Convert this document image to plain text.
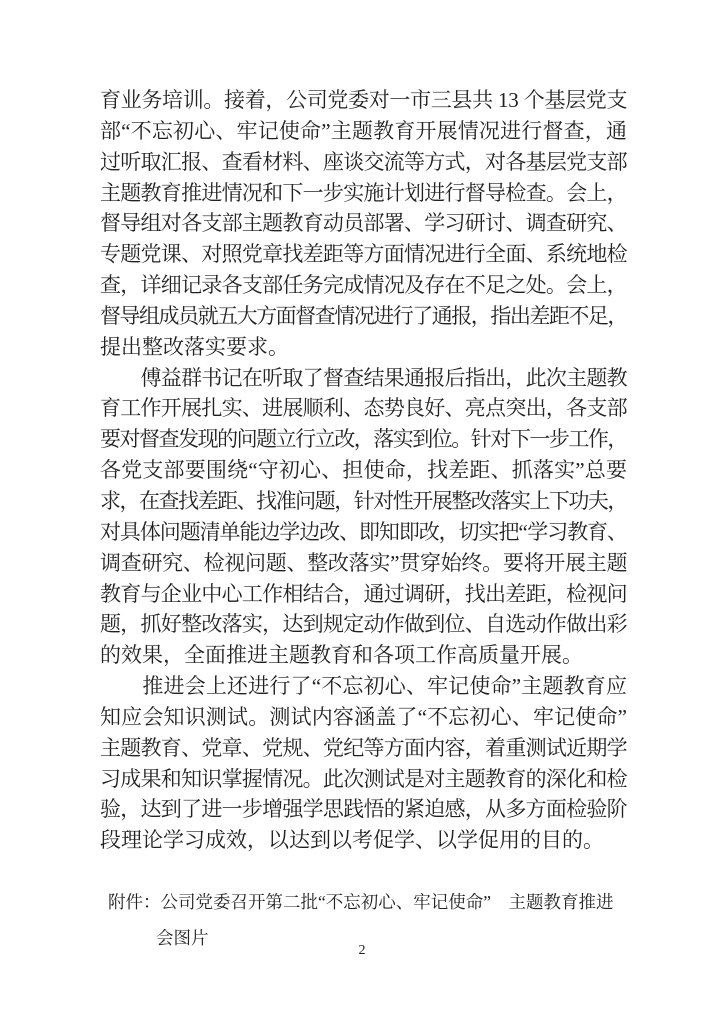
育 业 务 培 训 。 接 着 ， 公 司 党 委 对 一 市 三 县 共
1 3
个 基 层 党 支
部 “ 不 忘 初 心 、 牢 记 使 命 ” 主 题 教 育 开 展 情 况 进 行 督 查 ， 通
过 听 取 汇 报 、 查 看 材 料 、 座 谈 交 流 等 方 式 ， 对 各 基 层 党 支 部
主 题 教 育 推 进 情 况 和 下 一 步 实 施 计 划 进 行 督 导 检 查 。 会 上 ，
督 导 组 对 各 支 部 主 题 教 育 动 员 部 署 、 学 习 研 讨 、 调 查 研 究 、
专 题 党 课 、 对 照 党 章 找 差 距 等 方 面 情 况 进 行 全 面 、 系 统 地 检
查 ， 详 细 记 录 各 支 部 任 务 完 成 情 况 及 存 在 不 足 之 处 。 会 上 ，
督
导
组
成
员
就
五
大
方
面
督
查
情
况
进
行
了
通
报
，
指
出
差
距
不
足
，
提 出 整 改 落 实 要 求 。

傅 益 群 书 记 在 听 取 了 督 查 结 果 通 报 后 指 出 ， 此 次 主 题 教
育 工 作 开 展 扎 实 、 进 展 顺 利 、 态 势 良 好 、 亮 点 突 出 ， 各 支 部
要
对
督
查
发
现
的
问
题
立
行
立
改
，
落
实
到
位
。
针
对
下
一
步
工
作
，
各 党 支 部 要 围 绕 “ 守 初 心 、 担 使 命 ， 找 差 距 、 抓 落 实 ” 总 要
求
，
在
查
找
差
距
、
找
准
问
题
，
针
对
性
开
展
整
改
落
实
上
下
功
夫
，
对
具
体
问
题
清
单
能
边
学
边
改
、
即
知
即
改
，
切
实
把
“ 学
习
教
育
、
调 查 研 究 、 检 视 问 题 、 整 改 落 实 ” 贯 穿 始 终 。 要 将 开 展 主 题
教 育 与 企 业 中 心 工 作 相 结 合 ， 通 过 调 研 ， 找 出 差 距 ， 检 视 问
题 ， 抓 好 整 改 落 实 ， 达 到 规 定 动 作 做 到 位 、 自 选 动 作 做 出 彩
的 效 果 ， 全 面 推 进 主 题 教 育 和 各 项 工 作 高 质 量 开 展 。

推 进 会 上 还 进 行 了 “ 不 忘 初 心 、 牢 记 使 命 ” 主 题 教 育 应
知 应 会 知 识 测 试 。 测 试 内 容 涵 盖 了 “ 不 忘 初 心 、 牢 记 使 命 ”
主 题 教 育 、 党 章 、 党 规 、 党 纪 等 方 面 内 容 ， 着 重 测 试 近 期 学
习 成 果 和 知 识 掌 握 情 况 。 此 次 测 试 是 对 主 题 教 育 的 深 化 和 检
验 ， 达 到 了 进 一 步 增 强 学 思 践 悟 的 紧 迫 感 ， 从 多 方 面 检 验 阶
段 理 论 学 习 成 效 ， 以 达 到 以 考 促 学 、 以 学 促 用 的 目 的 。
附件：公司党委召开第二批“不忘初心、牢记使命”　主题教育推进
会图片
2
